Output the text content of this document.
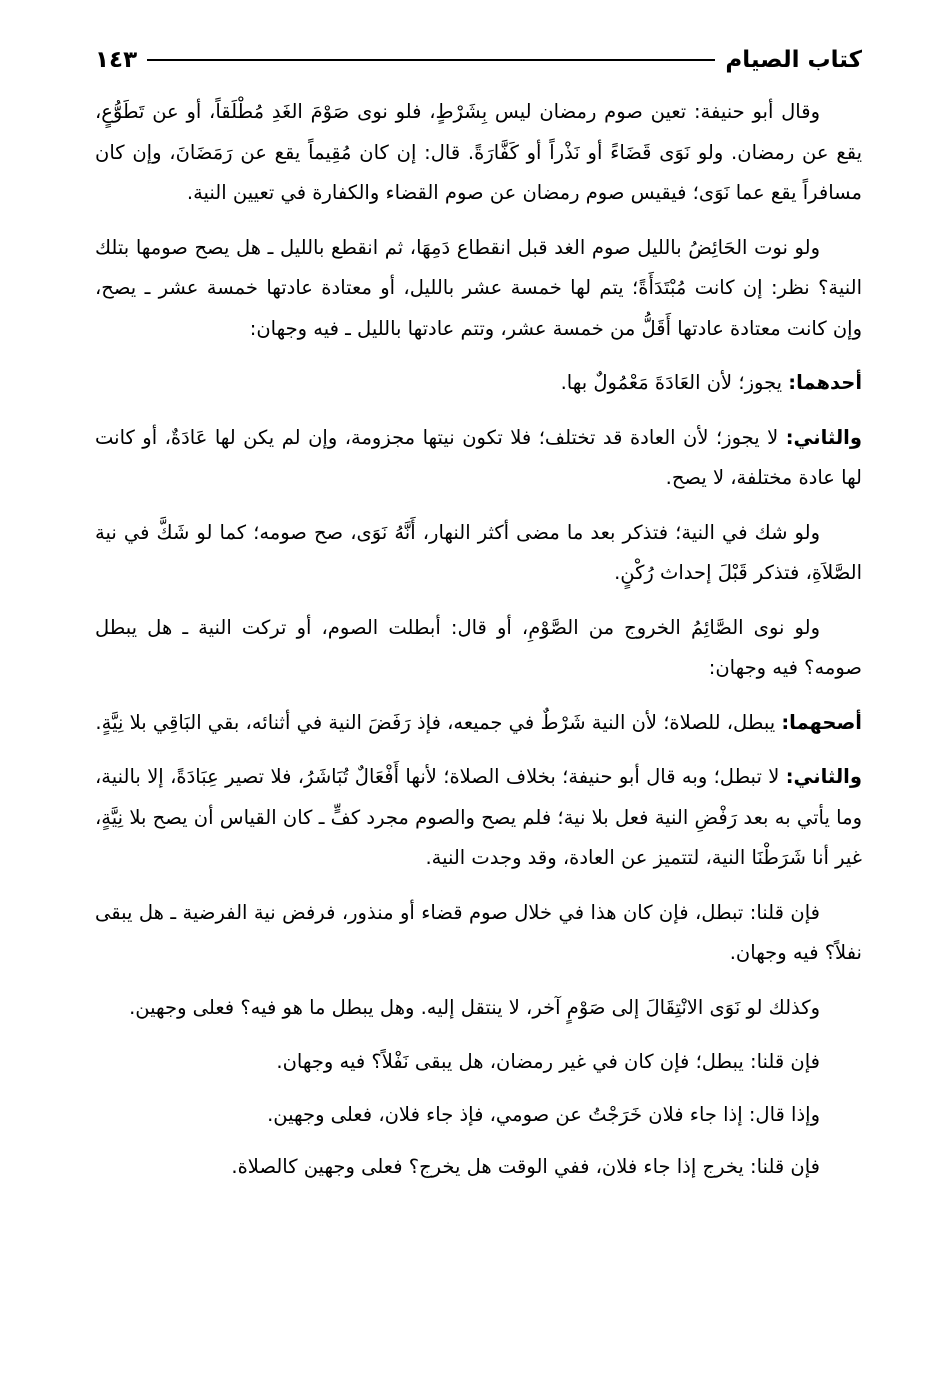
كتاب الصيام
١٤٣

وقال أبو حنيفة: تعين صوم رمضان ليس بِشَرْطٍ، فلو نوى صَوْمَ الغَدِ مُطْلَقاً، أو عن تَطَوُّعٍ، يقع عن رمضان. ولو نَوَى قَضَاءً أو نَذْراً أو كَفَّارَةً. قال: إن كان مُقِيماً يقع عن رَمَضَانَ، وإن كان مسافراً يقع عما نَوَى؛ فيقيس صوم رمضان عن صوم القضاء والكفارة في تعيين النية.

ولو نوت الحَائِضُ بالليل صوم الغد قبل انقطاع دَمِهَا، ثم انقطع بالليل ـ هل يصح صومها بتلك النية؟ نظر: إن كانت مُبْتَدَأَةً؛ يتم لها خمسة عشر بالليل، أو معتادة عادتها خمسة عشر ـ يصح، وإن كانت معتادة عادتها أَقَلُّ من خمسة عشر، وتتم عادتها بالليل ـ فيه وجهان:

أحدهما: يجوز؛ لأن العَادَةَ مَعْمُولٌ بها.

والثاني: لا يجوز؛ لأن العادة قد تختلف؛ فلا تكون نيتها مجزومة، وإن لم يكن لها عَادَةٌ، أو كانت لها عادة مختلفة، لا يصح.

ولو شك في النية؛ فتذكر بعد ما مضى أكثر النهار، أَنَّهُ نَوَى، صح صومه؛ كما لو شَكَّ في نية الصَّلاَةِ، فتذكر قَبْلَ إحداث رُكْنٍ.

ولو نوى الصَّائِمُ الخروج من الصَّوْمِ، أو قال: أبطلت الصوم، أو تركت النية ـ هل يبطل صومه؟ فيه وجهان:

أصحهما: يبطل، للصلاة؛ لأن النية شَرْطٌ في جميعه، فإذ رَفَضَ النية في أثنائه، بقي البَاقِي بلا نِيَّةٍ.

والثاني: لا تبطل؛ وبه قال أبو حنيفة؛ بخلاف الصلاة؛ لأنها أَفْعَالٌ تُبَاشَرُ، فلا تصير عِبَادَةً، إلا بالنية، وما يأتي به بعد رَفْضِ النية فعل بلا نية؛ فلم يصح والصوم مجرد كفٍّ ـ كان القياس أن يصح بلا نِيَّةٍ، غير أنا شَرَطْنَا النية، لتتميز عن العادة، وقد وجدت النية.

فإن قلنا: تبطل، فإن كان هذا في خلال صوم قضاء أو منذور، فرفض نية الفرضية ـ هل يبقى نفلاً؟ فيه وجهان.

وكذلك لو نَوَى الانْتِقَالَ إلى صَوْمٍ آخر، لا ينتقل إليه. وهل يبطل ما هو فيه؟ فعلى وجهين.

فإن قلنا: يبطل؛ فإن كان في غير رمضان، هل يبقى نَفْلاً؟ فيه وجهان.

وإذا قال: إذا جاء فلان خَرَجْتُ عن صومي، فإذ جاء فلان، فعلى وجهين.

فإن قلنا: يخرج إذا جاء فلان، ففي الوقت هل يخرج؟ فعلى وجهين كالصلاة.
